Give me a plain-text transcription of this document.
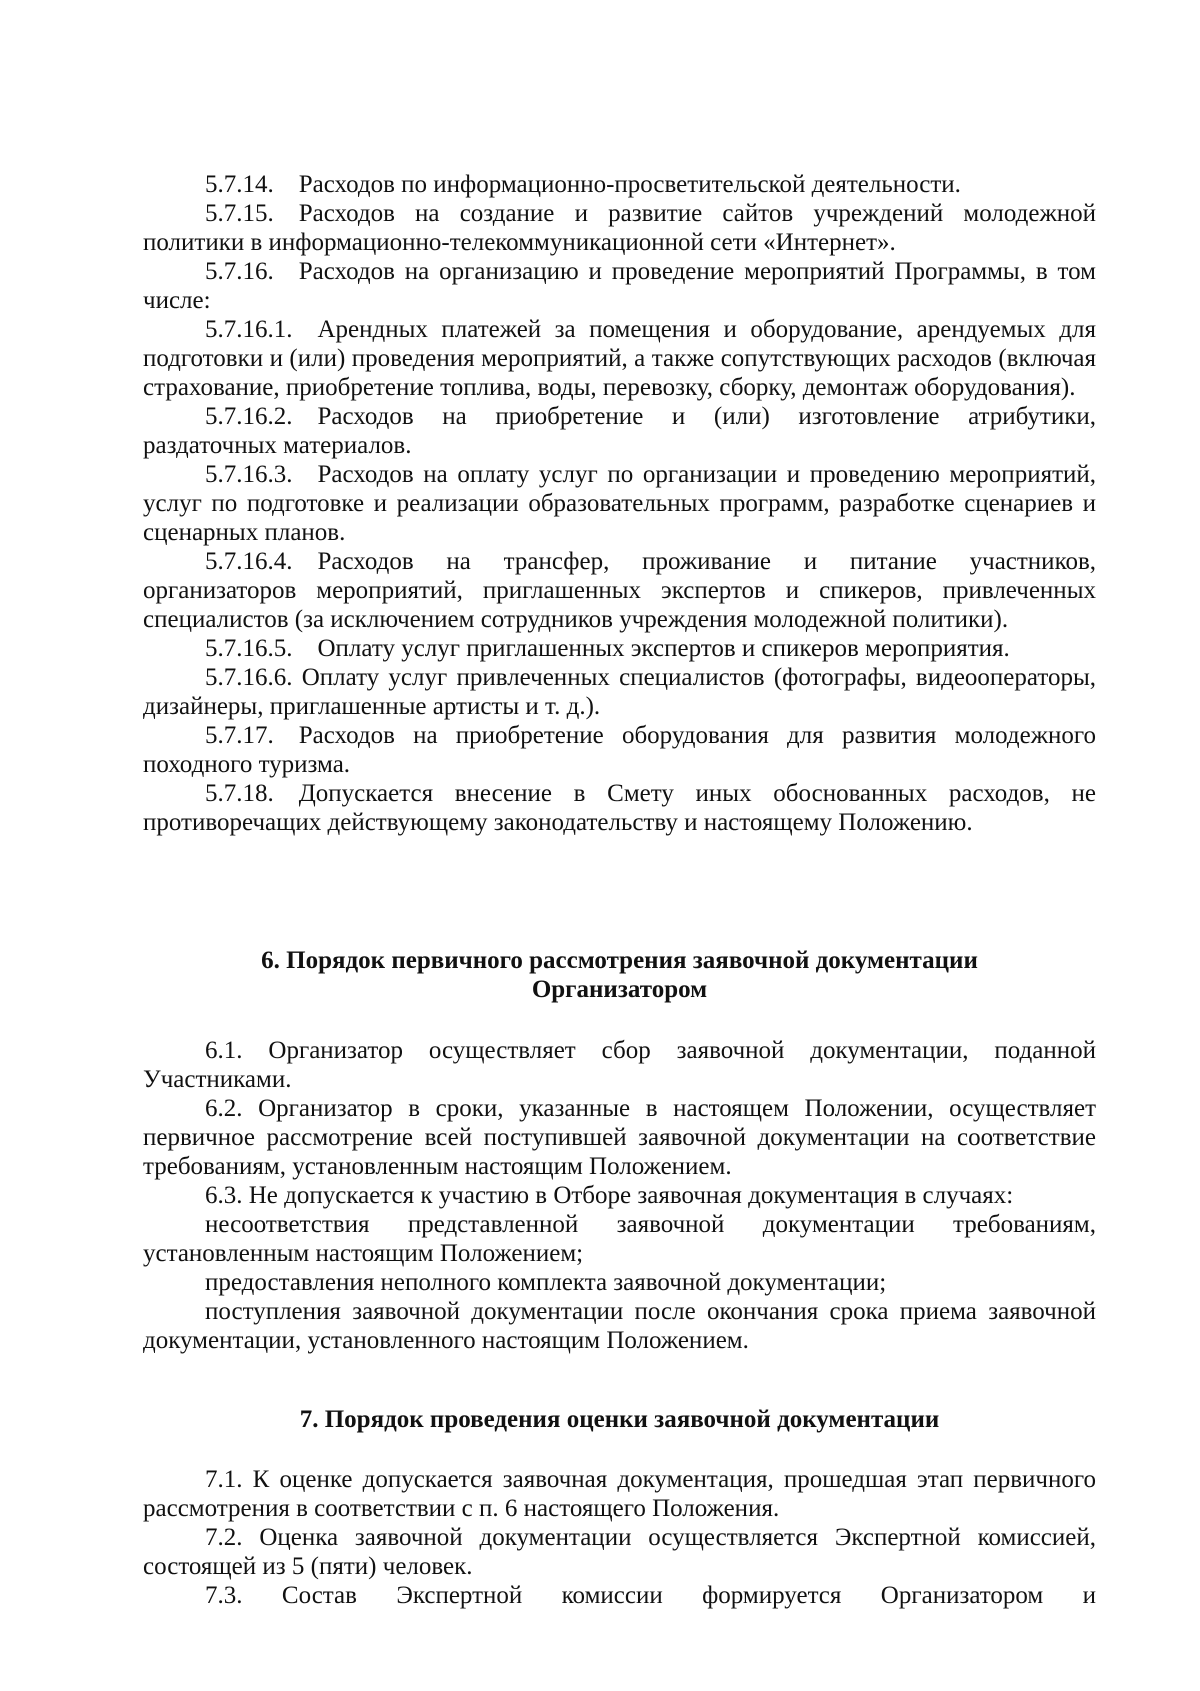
5.7.14. Расходов по информационно-просветительской деятельности.

5.7.15. Расходов на создание и развитие сайтов учреждений молодежной политики в информационно-телекоммуникационной сети «Интернет».

5.7.16. Расходов на организацию и проведение мероприятий Программы, в том числе:

5.7.16.1. Арендных платежей за помещения и оборудование, арендуемых для подготовки и (или) проведения мероприятий, а также сопутствующих расходов (включая страхование, приобретение топлива, воды, перевозку, сборку, демонтаж оборудования).

5.7.16.2. Расходов на приобретение и (или) изготовление атрибутики, раздаточных материалов.

5.7.16.3. Расходов на оплату услуг по организации и проведению мероприятий, услуг по подготовке и реализации образовательных программ, разработке сценариев и сценарных планов.

5.7.16.4. Расходов на трансфер, проживание и питание участников, организаторов мероприятий, приглашенных экспертов и спикеров, привлеченных специалистов (за исключением сотрудников учреждения молодежной политики).

5.7.16.5. Оплату услуг приглашенных экспертов и спикеров мероприятия.

5.7.16.6. Оплату услуг привлеченных специалистов (фотографы, видеооператоры, дизайнеры, приглашенные артисты и т. д.).

5.7.17. Расходов на приобретение оборудования для развития молодежного походного туризма.

5.7.18. Допускается внесение в Смету иных обоснованных расходов, не противоречащих действующему законодательству и настоящему Положению.

6. Порядок первичного рассмотрения заявочной документации

Организатором

6.1. Организатор осуществляет сбор заявочной документации, поданной Участниками.

6.2. Организатор в сроки, указанные в настоящем Положении, осуществляет первичное рассмотрение всей поступившей заявочной документации на соответствие требованиям, установленным настоящим Положением.

6.3. Не допускается к участию в Отборе заявочная документация в случаях:

несоответствия представленной заявочной документации требованиям, установленным настоящим Положением;

предоставления неполного комплекта заявочной документации;

поступления заявочной документации после окончания срока приема заявочной документации, установленного настоящим Положением.

7. Порядок проведения оценки заявочной документации

7.1. К оценке допускается заявочная документация, прошедшая этап первичного рассмотрения в соответствии с п. 6 настоящего Положения.

7.2. Оценка заявочной документации осуществляется Экспертной комиссией, состоящей из 5 (пяти) человек.

7.3. Состав Экспертной комиссии формируется Организатором и
